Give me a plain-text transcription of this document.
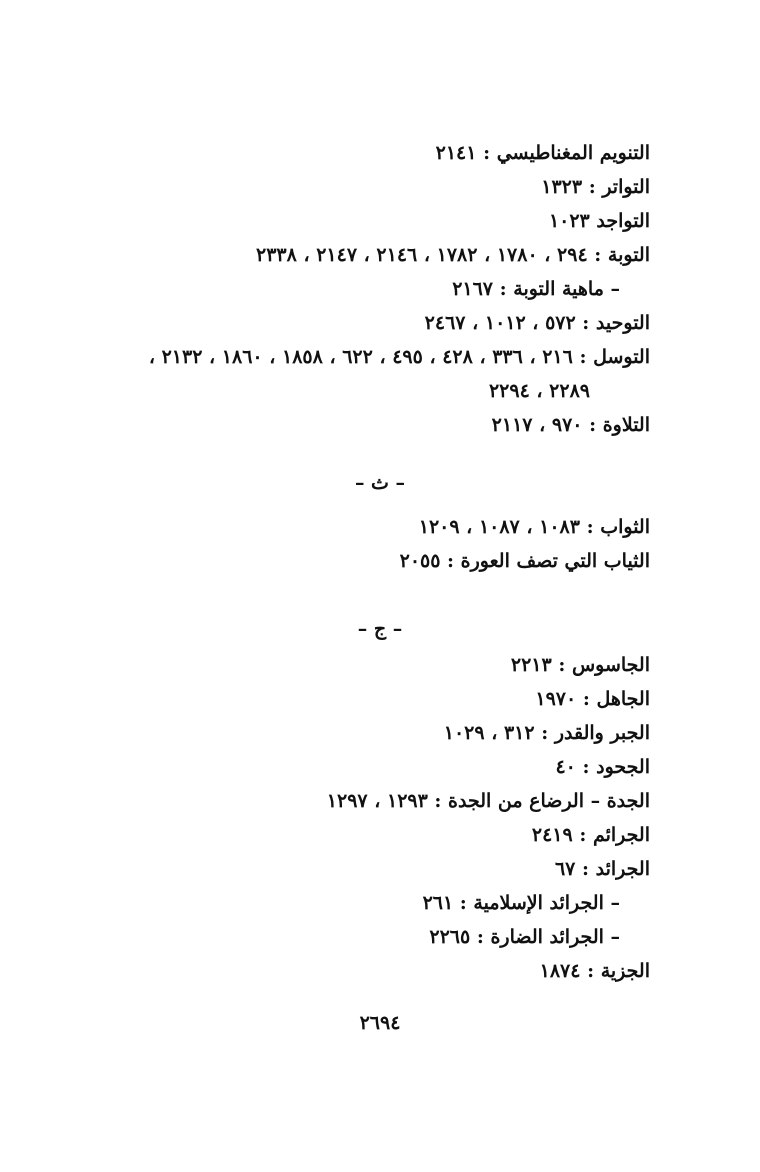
التنويم المغناطيسي : ٢١٤١
التواتر : ١٣٢٣
التواجد ١٠٢٣
التوبة : ٢٩٤ ، ١٧٨٠ ، ١٧٨٢ ، ٢١٤٦ ، ٢١٤٧ ، ٢٣٣٨
– ماهية التوبة : ٢١٦٧
التوحيد : ٥٧٢ ، ١٠١٢ ، ٢٤٦٧
التوسل : ٢١٦ ، ٣٣٦ ، ٤٢٨ ، ٤٩٥ ، ٦٢٢ ، ١٨٥٨ ، ١٨٦٠ ، ٢١٣٢ ،
٢٢٨٩ ، ٢٢٩٤
التلاوة : ٩٧٠ ، ٢١١٧
– ث –
الثواب : ١٠٨٣ ، ١٠٨٧ ، ١٢٠٩
الثياب التي تصف العورة : ٢٠٥٥
– ج –
الجاسوس : ٢٢١٣
الجاهل : ١٩٧٠
الجبر والقدر : ٣١٢ ، ١٠٢٩
الجحود : ٤٠
الجدة – الرضاع من الجدة : ١٢٩٣ ، ١٢٩٧
الجرائم : ٢٤١٩
الجرائد : ٦٧
– الجرائد الإسلامية : ٢٦١
– الجرائد الضارة : ٢٢٦٥
الجزية : ١٨٧٤
٢٦٩٤
